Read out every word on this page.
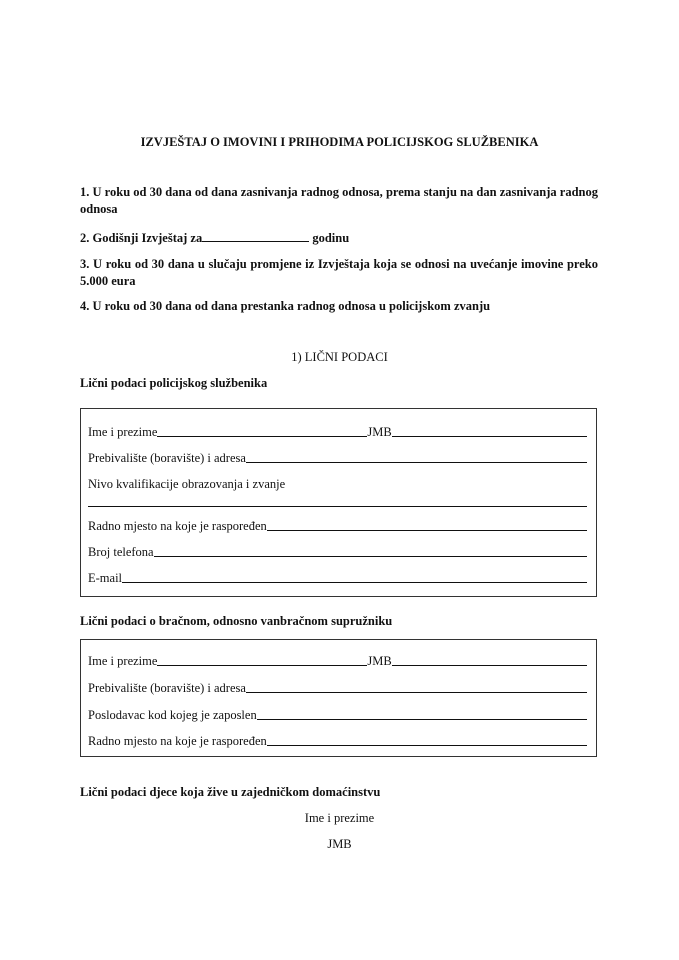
IZVJEŠTAJ O IMOVINI I PRIHODIMA POLICIJSKOG SLUŽBENIKA
1. U roku od 30 dana od dana zasnivanja radnog odnosa, prema stanju na dan zasnivanja radnog odnosa
2. Godišnji Izvještaj za	godinu
3. U roku od 30 dana u slučaju promjene iz Izvještaja koja se odnosi na uvećanje imovine preko 5.000 eura
4. U roku od 30 dana od dana prestanka radnog odnosa u policijskom zvanju
1) LIČNI PODACI
Lični podaci policijskog službenika
Ime i prezime	JMB
Prebivalište (boravište) i adresa
Nivo kvalifikacije obrazovanja i zvanje
Radno mjesto na koje je raspoređen
Broj telefona
E-mail
Lični podaci o bračnom, odnosno vanbračnom supružniku
Ime i prezime	JMB
Prebivalište (boravište) i adresa
Poslodavac kod kojeg je zaposlen
Radno mjesto na koje je raspoređen
Lični podaci djece koja žive u zajedničkom domaćinstvu
Ime i prezime
JMB
